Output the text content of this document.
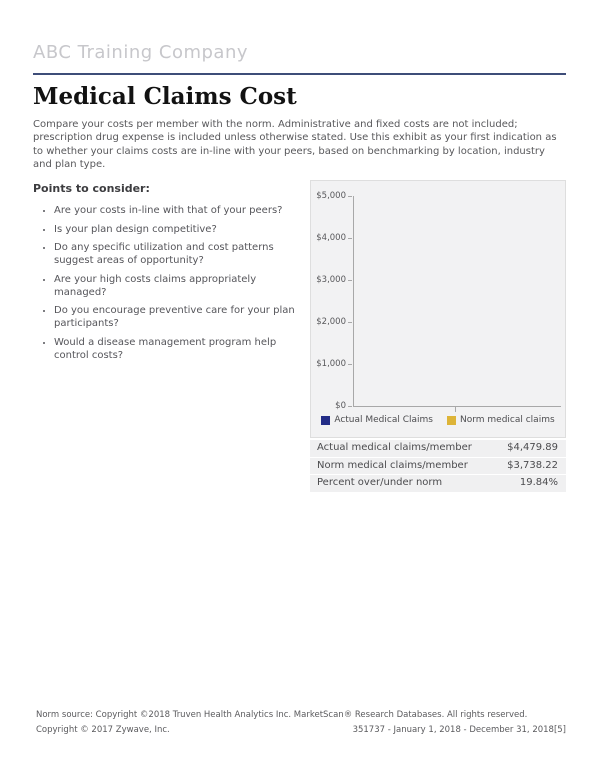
ABC Training Company
Medical Claims Cost

Compare your costs per member with the norm. Administrative and fixed costs are not included; prescription drug expense is included unless otherwise stated. Use this exhibit as your first indication as to whether your claims costs are in-line with your peers, based on benchmarking by location, industry and plan type.

Points to consider:
• Are your costs in-line with that of your peers?
• Is your plan design competitive?
• Do any specific utilization and cost patterns suggest areas of opportunity?
• Are your high costs claims appropriately managed?
• Do you encourage preventive care for your plan participants?
• Would a disease management program help control costs?
$5,000
$4,000
$3,000
$2,000
$1,000
$0
Actual Medical Claims	Norm medical claims
Actual medical claims/member	$4,479.89
Norm medical claims/member	$3,738.22
Percent over/under norm	19.84%
Norm source: Copyright ©2018 Truven Health Analytics Inc. MarketScan® Research Databases. All rights reserved.
Copyright © 2017 Zywave, Inc.	351737 - January 1, 2018 - December 31, 2018[5]
